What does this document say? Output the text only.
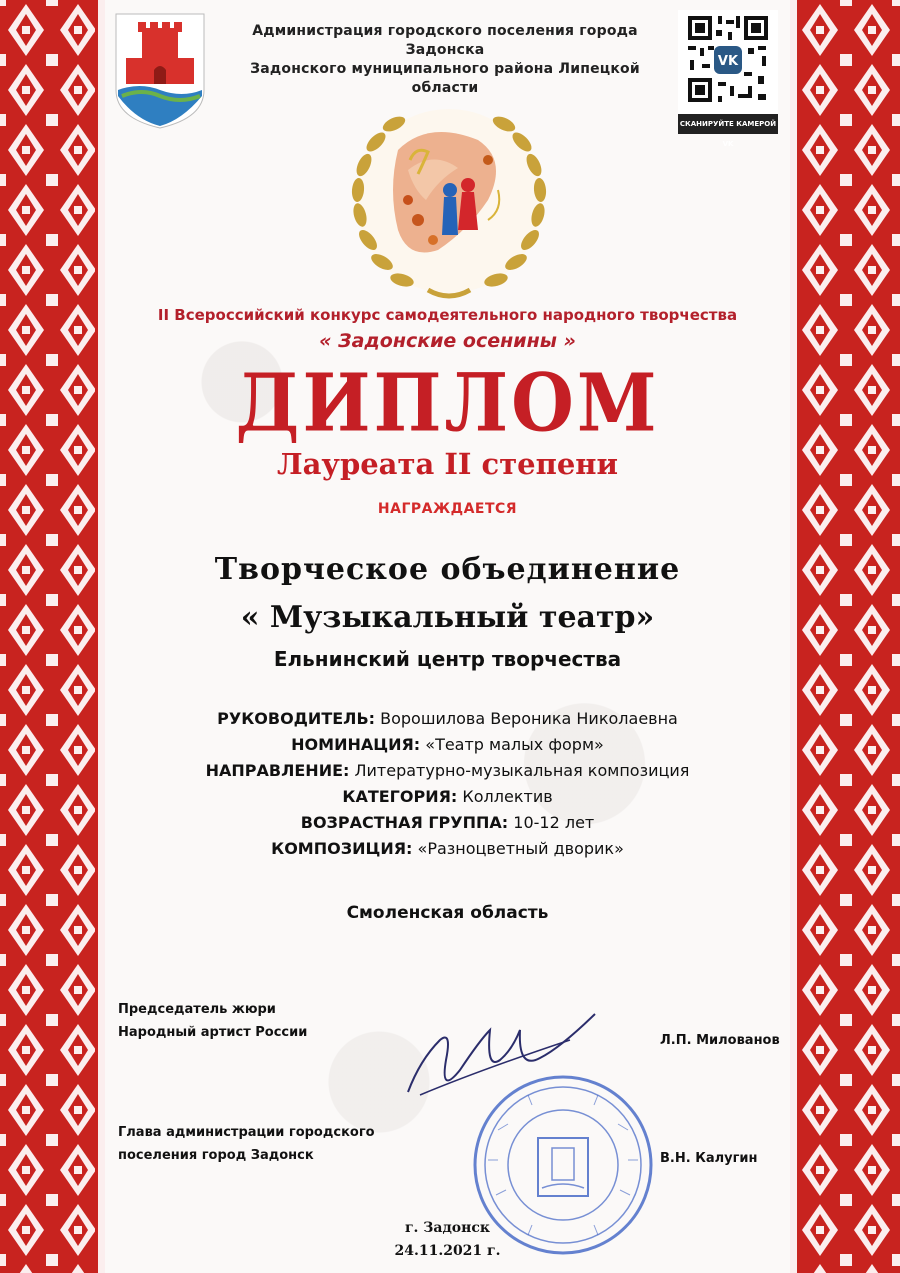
Администрация городского поселения города Задонска
Задонского муниципального района Липецкой области
VK
СКАНИРУЙТЕ КАМЕРОЙ VK
II Всероссийский конкурс самодеятельного народного творчества
« Задонские осенины »
ДИПЛОМ
Лауреата II степени
НАГРАЖДАЕТСЯ
Творческое объединение
« Музыкальный театр»
Ельнинский центр творчества
РУКОВОДИТЕЛЬ: Ворошилова Вероника Николаевна
НОМИНАЦИЯ: «Театр малых форм»
НАПРАВЛЕНИЕ: Литературно-музыкальная композиция
КАТЕГОРИЯ: Коллектив
ВОЗРАСТНАЯ ГРУППА: 10-12 лет
КОМПОЗИЦИЯ: «Разноцветный дворик»
Смоленская область
Председатель жюри
Народный артист России
Л.П. Милованов
Глава администрации городского
поселения город Задонск	В.Н. Калугин
г. Задонск
24.11.2021 г.
